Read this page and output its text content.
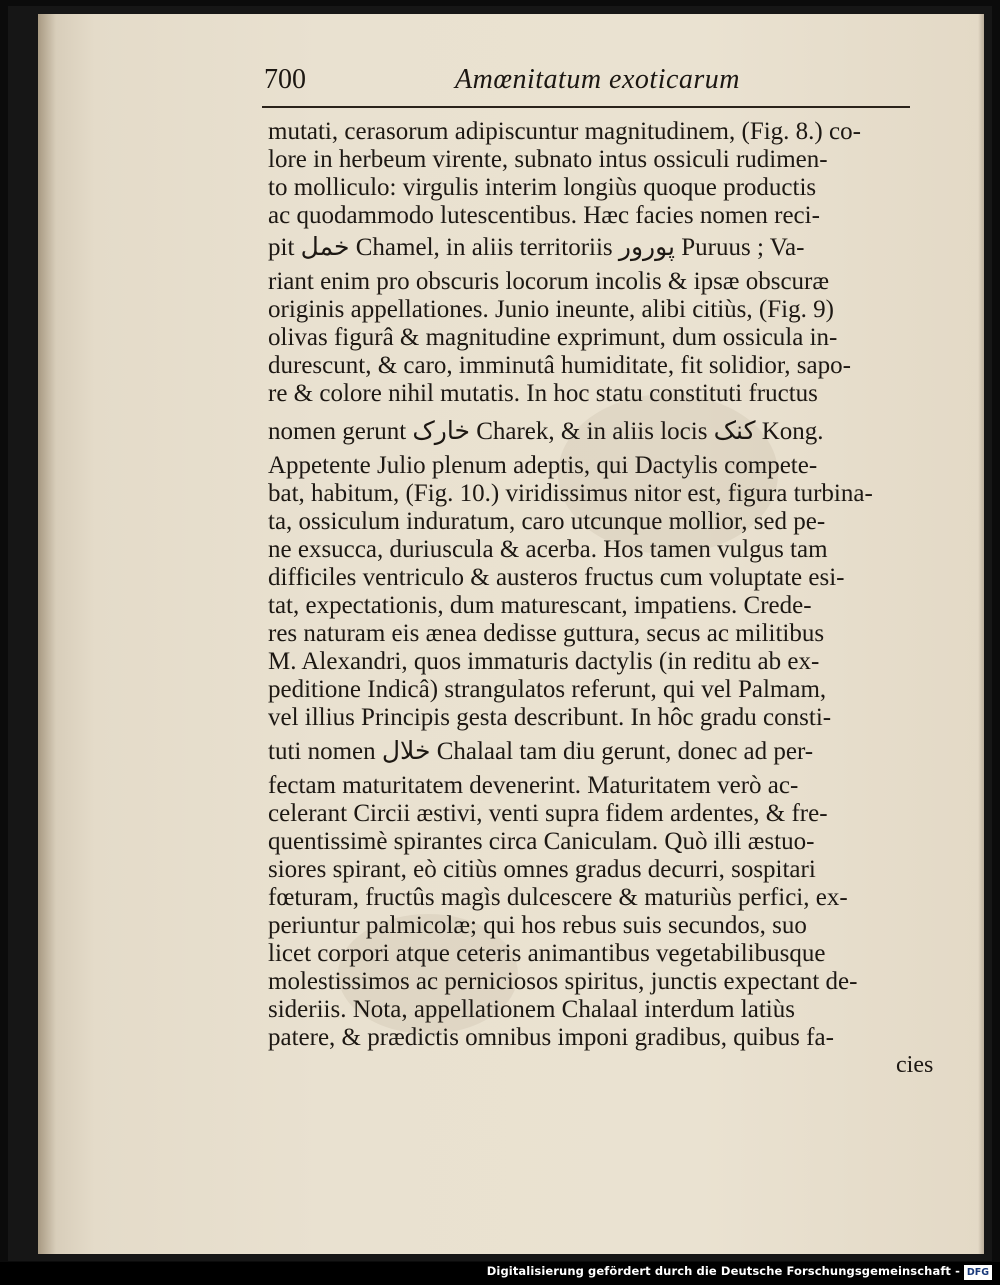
700	Amœnitatum exoticarum
mutati, cerasorum adipiscuntur magnitudinem, (Fig. 8.) co-
lore in herbeum virente, subnato intus ossiculi rudimen-
to molliculo: virgulis interim longiùs quoque productis
ac quodammodo lutescentibus. Hæc facies nomen reci-
pit خمل Chamel, in aliis territoriis پورور Puruus ; Va-
riant enim pro obscuris locorum incolis & ipsæ obscuræ
originis appellationes. Junio ineunte, alibi citiùs, (Fig. 9)
olivas figurâ & magnitudine exprimunt, dum ossicula in-
durescunt, & caro, imminutâ humiditate, fit solidior, sapo-
re & colore nihil mutatis. In hoc statu constituti fructus
nomen gerunt خارک Charek, & in aliis locis کنک Kong.
Appetente Julio plenum adeptis, qui Dactylis compete-
bat, habitum, (Fig. 10.) viridissimus nitor est, figura turbina-
ta, ossiculum induratum, caro utcunque mollior, sed pe-
ne exsucca, duriuscula & acerba. Hos tamen vulgus tam
difficiles ventriculo & austeros fructus cum voluptate esi-
tat, expectationis, dum maturescant, impatiens. Crede-
res naturam eis æneа dedisse guttura, secus ac militibus
M. Alexandri, quos immaturis dactylis (in reditu ab ex-
peditione Indicâ) strangulatos referunt, qui vel Palmam,
vel illius Principis gesta describunt. In hôc gradu consti-
tuti nomen خلال Chalaal tam diu gerunt, donec ad per-
fectam maturitatem devenerint. Maturitatem verò ac-
celerant Circii æstivi, venti supra fidem ardentes, & fre-
quentissimè spirantes circa Caniculam. Quò illi æstuo-
siores spirant, eò citiùs omnes gradus decurri, sospitari
fœturam, fructûs magìs dulcescere & maturiùs perfici, ex-
periuntur palmicolæ; qui hos rebus suis secundos, suo
licet corpori atque ceteris animantibus vegetabilibusque
molestissimos ac perniciosos spiritus, junctis expectant de-
sideriis. Nota, appellationem Chalaal interdum latiùs
patere, & prædictis omnibus imponi gradibus, quibus fa-
cies
Digitalisierung gefördert durch die Deutsche Forschungsgemeinschaft - DFG
